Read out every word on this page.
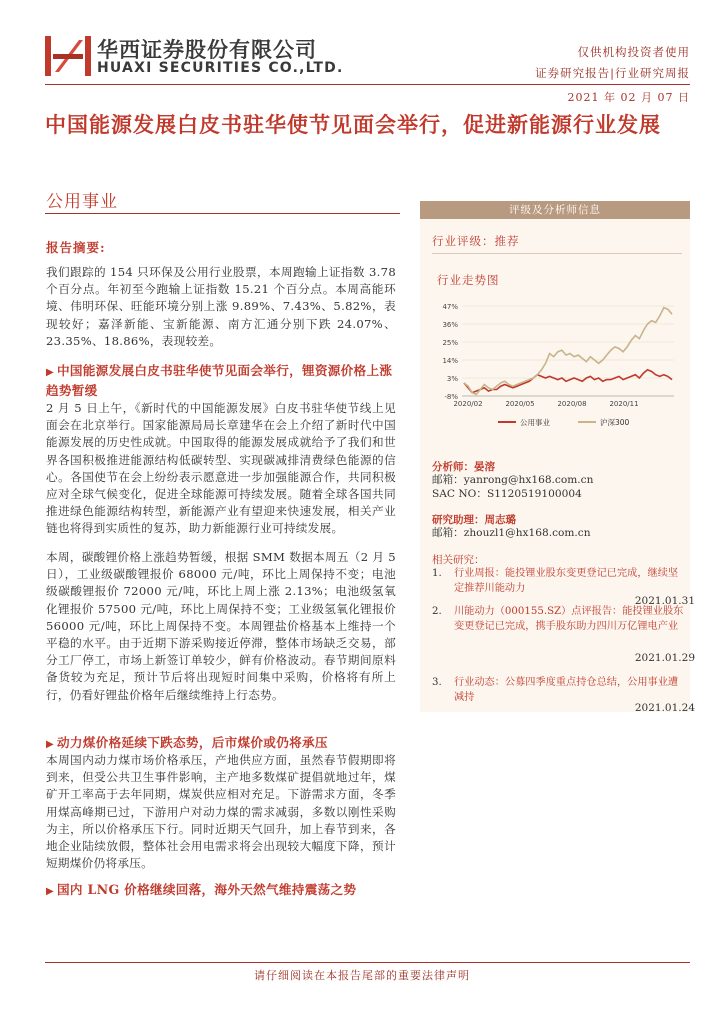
华西证券股份有限公司
HUAXI SECURITIES CO.,LTD.
仅供机构投资者使用
证券研究报告|行业研究周报
2021 年 02 月 07 日
中国能源发展白皮书驻华使节见面会举行，促进新能源行业发展
公用事业
报告摘要:
我们跟踪的 154 只环保及公用行业股票，本周跑输上证指数 3.78 个百分点。年初至今跑输上证指数 15.21 个百分点。本周高能环境、伟明环保、旺能环境分别上涨 9.89%、7.43%、5.82%，表现较好；嘉泽新能、宝新能源、南方汇通分别下跌 24.07%、23.35%、18.86%，表现较差。
▶ 中国能源发展白皮书驻华使节见面会举行，锂资源价格上涨趋势暂缓
2 月 5 日上午，《新时代的中国能源发展》白皮书驻华使节线上见面会在北京举行。国家能源局局长章建华在会上介绍了新时代中国能源发展的历史性成就。中国取得的能源发展成就给予了我们和世界各国积极推进能源结构低碳转型、实现碳减排清费绿色能源的信心。各国使节在会上纷纷表示愿意进一步加强能源合作，共同积极应对全球气候变化，促进全球能源可持续发展。随着全球各国共同推进绿色能源结构转型，新能源产业有望迎来快速发展，相关产业链也将得到实质性的复苏，助力新能源行业可持续发展。
本周，碳酸锂价格上涨趋势暂缓，根据 SMM 数据本周五（2 月 5 日），工业级碳酸锂报价 68000 元/吨，环比上周保持不变；电池级碳酸锂报价 72000 元/吨，环比上周上涨 2.13%；电池级氢氧化锂报价 57500 元/吨，环比上周保持不变；工业级氢氧化锂报价 56000 元/吨，环比上周保持不变。本周锂盐价格基本上维持一个平稳的水平。由于近期下游采购接近停滞，整体市场缺乏交易，部分工厂停工，市场上新签订单较少，鲜有价格波动。春节期间原料备货较为充足，预计节后将出现短时间集中采购，价格将有所上行，仍看好锂盐价格年后继续维持上行态势。
▶ 动力煤价格延续下跌态势，后市煤价或仍将承压
本周国内动力煤市场价格承压，产地供应方面，虽然春节假期即将到来，但受公共卫生事件影响，主产地多数煤矿提倡就地过年，煤矿开工率高于去年同期，煤炭供应相对充足。下游需求方面，冬季用煤高峰期已过，下游用户对动力煤的需求减弱，多数以刚性采购为主，所以价格承压下行。同时近期天气回升，加上春节到来，各地企业陆续放假，整体社会用电需求将会出现较大幅度下降，预计短期煤价仍将承压。
▶ 国内 LNG 价格继续回落，海外天然气维持震荡之势
评级及分析师信息
行业评级：推荐
行业走势图
-8%
3%
14%
25%
36%
47%
2020/02	2020/05	2020/08	2020/11
公用事业	沪深300
分析师：晏溶
邮箱：yanrong@hx168.com.cn
SAC NO：S1120519100004
研究助理：周志璐
邮箱：zhouzl1@hx168.com.cn
相关研究：
1. 行业周报：能投锂业股东变更登记已完成，继续坚定推荐川能动力
2021.01.31
2. 川能动力（000155.SZ）点评报告：能投锂业股东变更登记已完成，携手股东助力四川万亿锂电产业
2021.01.29
3. 行业动态：公募四季度重点持仓总结，公用事业遭减持
2021.01.24
请仔细阅读在本报告尾部的重要法律声明
